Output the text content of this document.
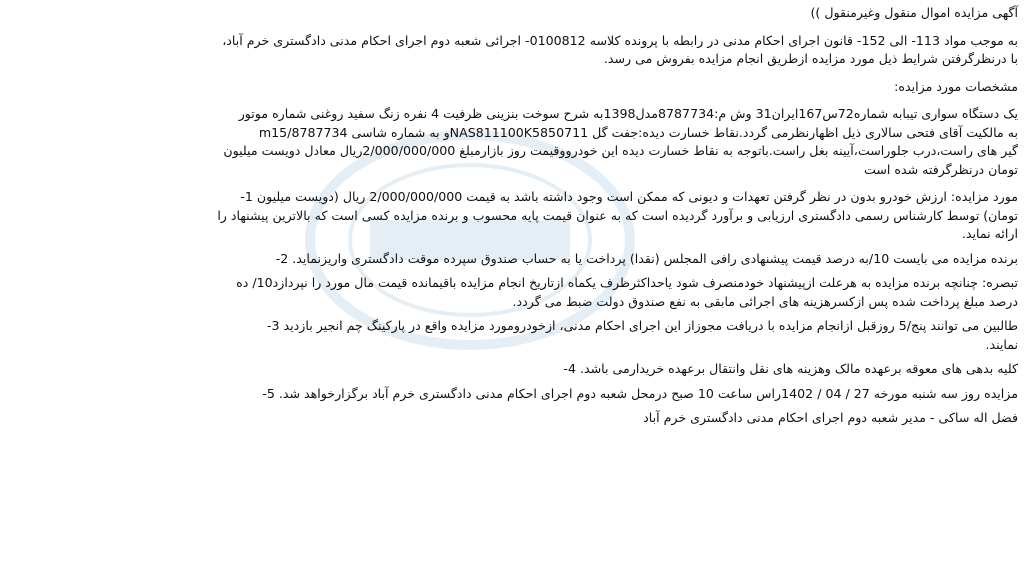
آگهی مزایده اموال منقول وغیرمنقول ))

به موجب مواد 113- الی 152- قانون اجرای احکام مدنی در رابطه با پرونده کلاسه 0100812- اجرائی شعبه دوم اجرای احکام مدنی دادگستری خرم آباد،

با درنظرگرفتن شرایط ذیل مورد مزایده ازطریق انجام مزایده بفروش می رسد.

مشخصات مورد مزایده:

یک دستگاه سواری تیبابه شماره72س167ایران31 وش م:8787734مدل1398به شرح سوخت بنزینی ظرفیت 4 نفره زنگ سفید روغنی شماره موتور

به مالکیت آقای فتحی سالاری ذیل اظهارنظرمی گردد.نقاط خسارت دیده:جفت گل NAS811100K5850711و به شماره شاسی m15/8787734

گیر های راست،درب جلوراست،آیینه بغل راست.باتوجه به نقاط خسارت دیده این خودرووقیمت روز بازارمبلغ 2/000/000/000ریال معادل دویست میلیون

تومان درنظرگرفته شده است

مورد مزایده: ارزش خودرو بدون در نظر گرفتن تعهدات و دیونی که ممکن است وجود داشته باشد به قیمت 2/000/000/000 ریال (دویست میلیون 1-

تومان) توسط کارشناس رسمی دادگستری ارزیابی و برآورد گردیده است که به عنوان قیمت پایه محسوب و برنده مزایده کسی است که بالاترین پیشنهاد را

ارائه نماید.

برنده مزایده می بایست 10/به درصد قیمت پیشنهادی رافی المجلس (نقدا) پرداخت یا به حساب صندوق سپرده موقت دادگستری واریزنماید. 2-

تبصره: چنانچه برنده مزایده به هرعلت ازپیشنهاد خودمنصرف شود یاحداکثرظرف یکماه ازتاریخ انجام مزایده باقیمانده قیمت مال مورد را نپردازد10/ ده

درصد مبلغ پرداخت شده پس ازکسرهزینه های اجرائی مابقی به نفع صندوق دولت ضبط می گردد.

طالبین می توانند پنج/5 روزقبل ازانجام مزایده با دریافت مجوزاز این اجرای احکام مدنی، ازخودرومورد مزایده واقع در پارکینگ چم انجیر بازدید 3-

نمایند.

کلیه بدهی های معوقه برعهده مالک وهزینه های نقل وانتقال برعهده خریدارمی باشد. 4-

مزایده روز سه شنبه مورخه 27 / 04 / 1402راس ساعت 10 صبح درمحل شعبه دوم اجرای احکام مدنی دادگستری خرم آباد برگزارخواهد شد. 5-

فضل اله ساکی - مدیر شعبه دوم اجرای احکام مدنی دادگستری خرم آباد
